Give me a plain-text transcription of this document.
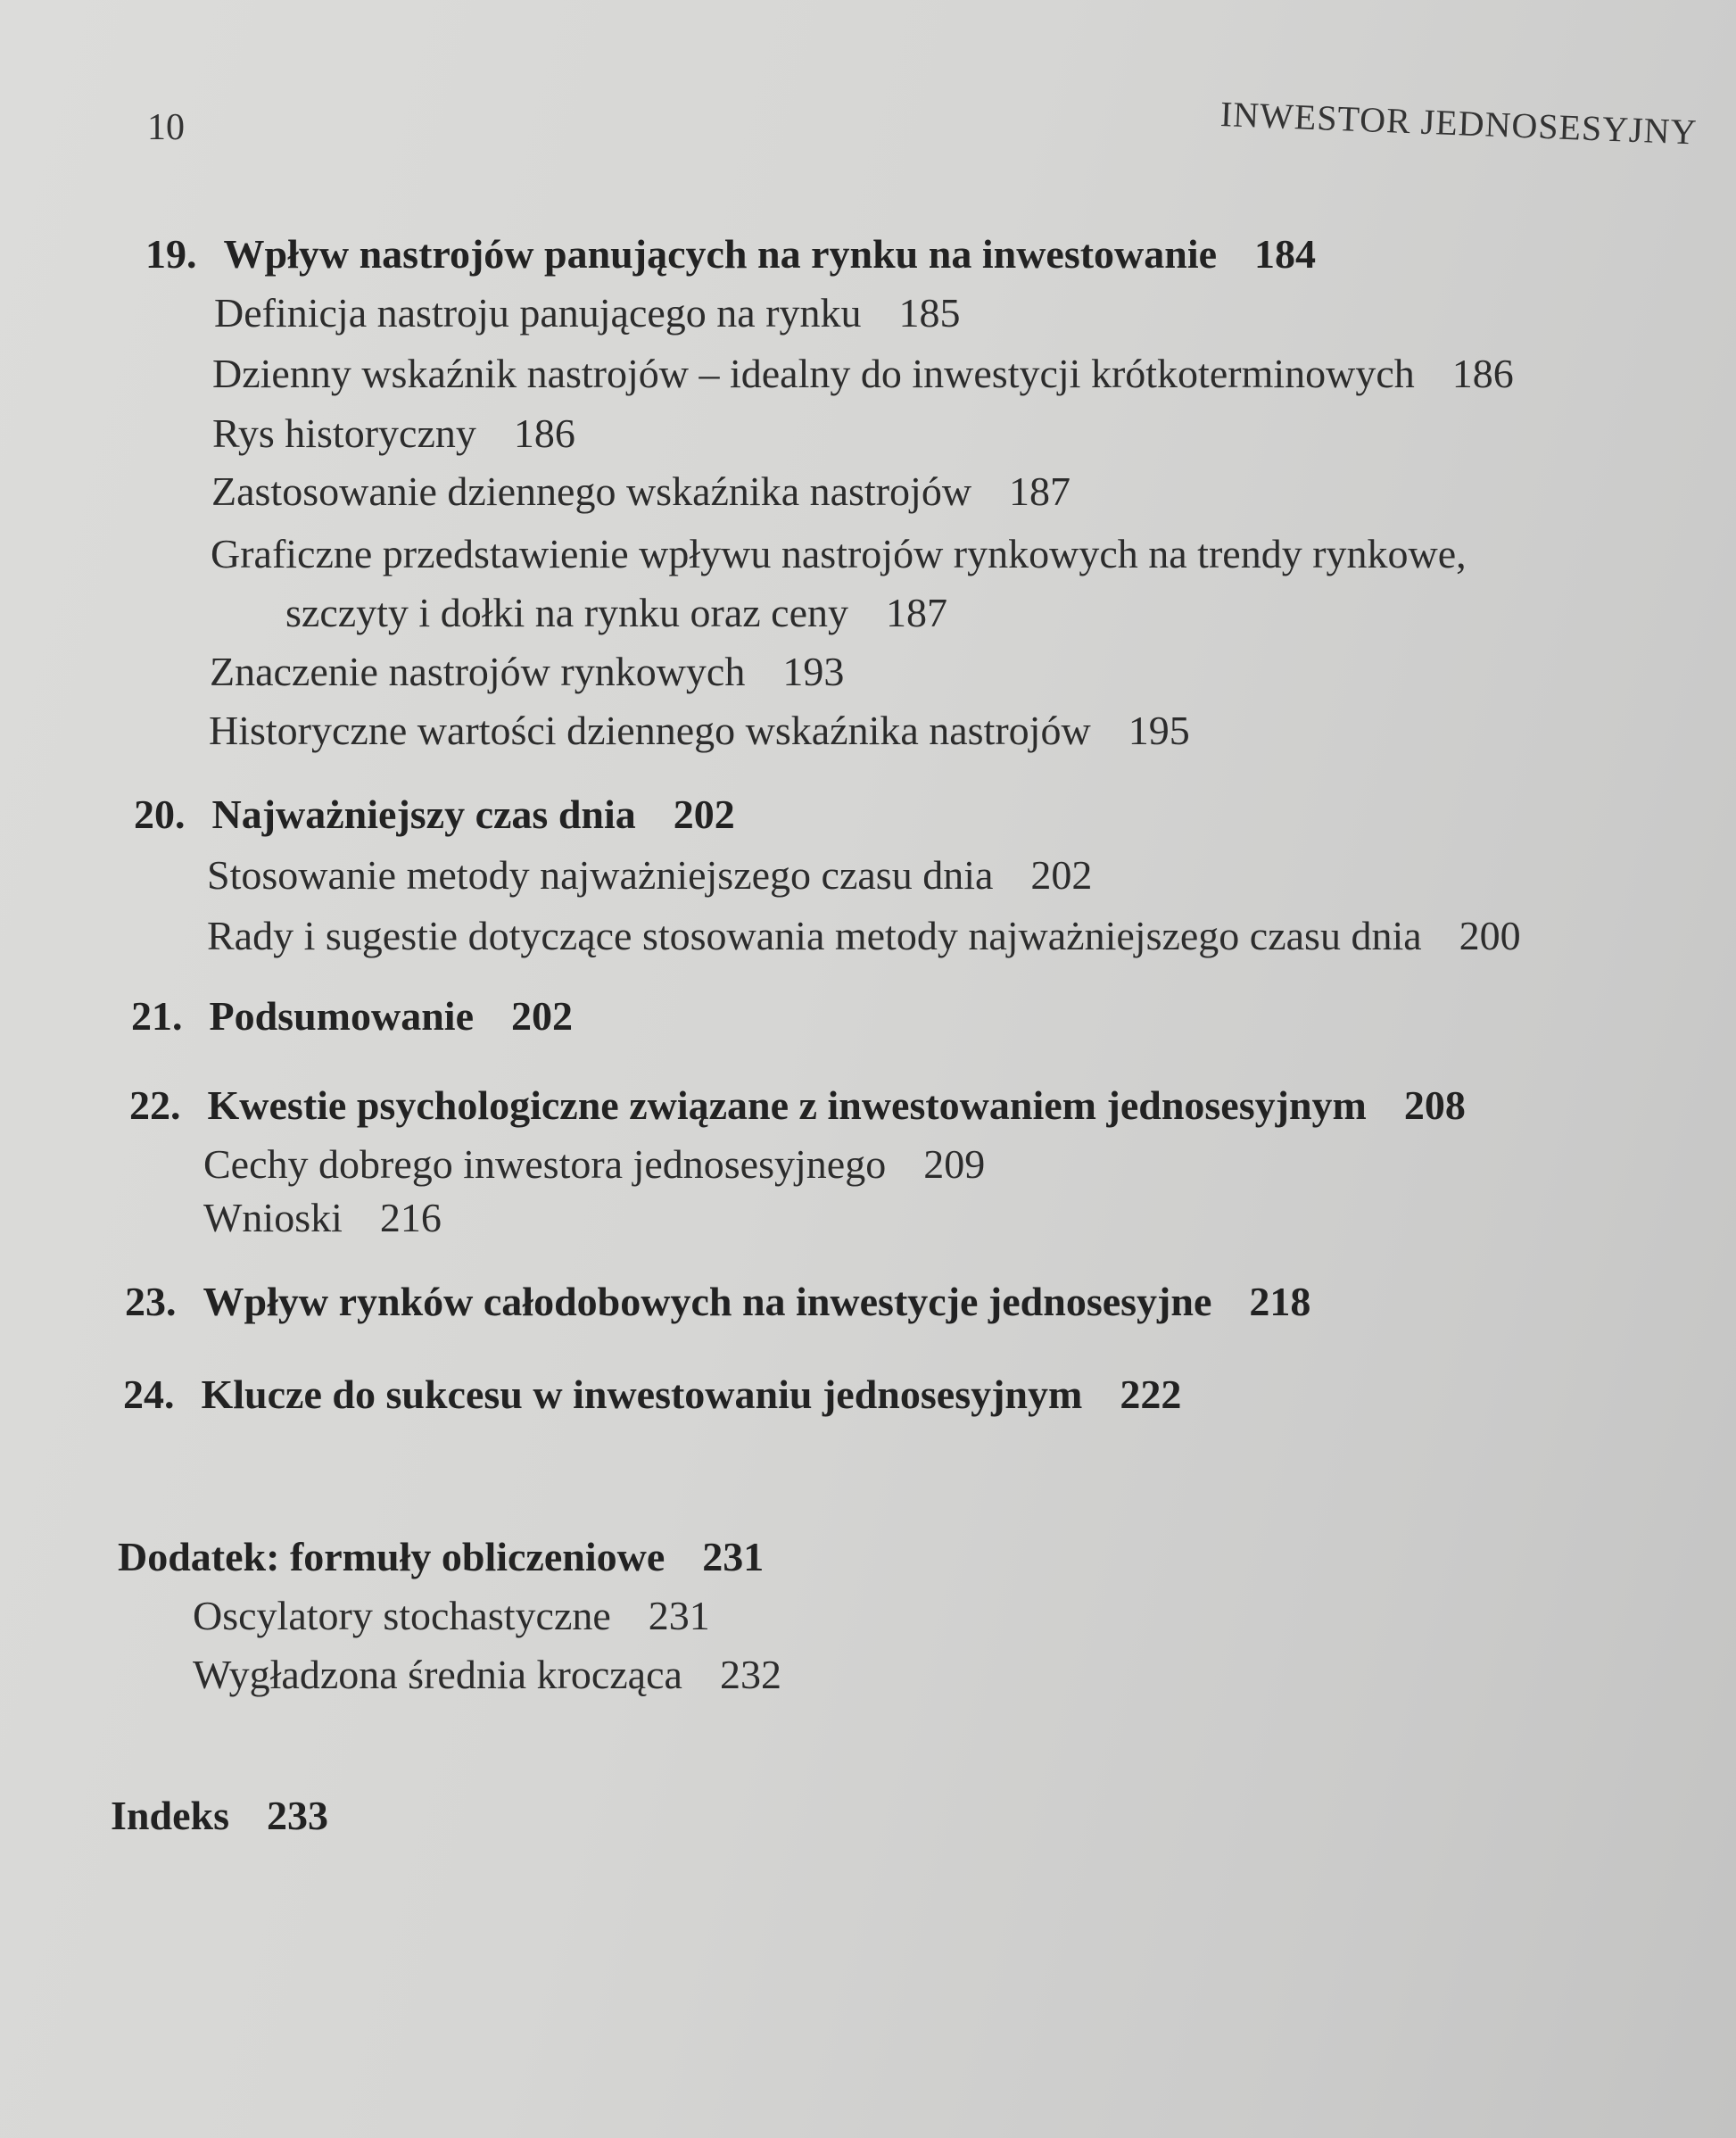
10	INWESTOR JEDNOSESYJNY
19. Wpływ nastrojów panujących na rynku na inwestowanie 184
Definicja nastroju panującego na rynku 185
Dzienny wskaźnik nastrojów – idealny do inwestycji krótkoterminowych 186
Rys historyczny 186
Zastosowanie dziennego wskaźnika nastrojów 187
Graficzne przedstawienie wpływu nastrojów rynkowych na trendy rynkowe,
szczyty i dołki na rynku oraz ceny 187
Znaczenie nastrojów rynkowych 193
Historyczne wartości dziennego wskaźnika nastrojów 195
20. Najważniejszy czas dnia 202
Stosowanie metody najważniejszego czasu dnia 202
Rady i sugestie dotyczące stosowania metody najważniejszego czasu dnia 200
21. Podsumowanie 202
22. Kwestie psychologiczne związane z inwestowaniem jednosesyjnym 208
Cechy dobrego inwestora jednosesyjnego 209
Wnioski 216
23. Wpływ rynków całodobowych na inwestycje jednosesyjne 218
24. Klucze do sukcesu w inwestowaniu jednosesyjnym 222
Dodatek: formuły obliczeniowe 231
Oscylatory stochastyczne 231
Wygładzona średnia krocząca 232
Indeks 233
